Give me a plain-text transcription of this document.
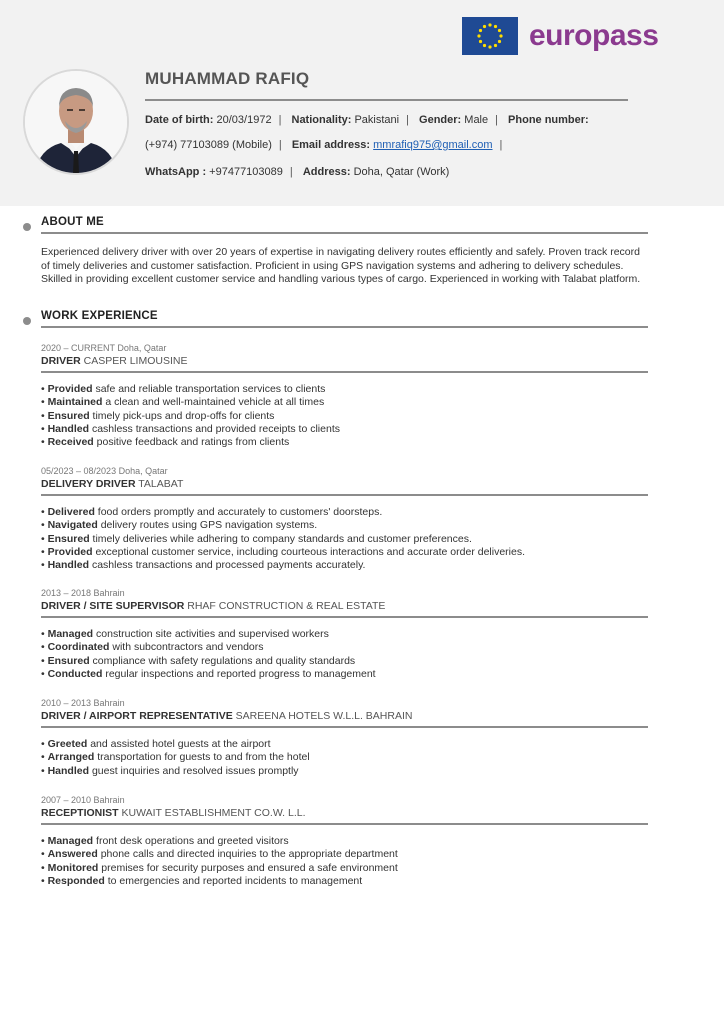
europass
MUHAMMAD RAFIQ
Date of birth: 20/03/1972 | Nationality: Pakistani | Gender: Male | Phone number:
(+974) 77103089 (Mobile) | Email address: mmrafiq975@gmail.com |
WhatsApp : +97477103089 | Address: Doha, Qatar (Work)
ABOUT ME

Experienced delivery driver with over 20 years of expertise in navigating delivery routes efficiently and safely. Proven track record of timely deliveries and customer satisfaction. Proficient in using GPS navigation systems and adhering to delivery schedules. Skilled in providing excellent customer service and handling various types of cargo. Experienced in working with Talabat platform.

WORK EXPERIENCE
2020 – CURRENT Doha, Qatar
DRIVER CASPER LIMOUSINE
• Provided safe and reliable transportation services to clients
• Maintained a clean and well-maintained vehicle at all times
• Ensured timely pick-ups and drop-offs for clients
• Handled cashless transactions and provided receipts to clients
• Received positive feedback and ratings from clients
05/2023 – 08/2023 Doha, Qatar
DELIVERY DRIVER TALABAT
• Delivered food orders promptly and accurately to customers' doorsteps.
• Navigated delivery routes using GPS navigation systems.
• Ensured timely deliveries while adhering to company standards and customer preferences.
• Provided exceptional customer service, including courteous interactions and accurate order deliveries.
• Handled cashless transactions and processed payments accurately.
2013 – 2018 Bahrain
DRIVER / SITE SUPERVISOR RHAF CONSTRUCTION & REAL ESTATE
• Managed construction site activities and supervised workers
• Coordinated with subcontractors and vendors
• Ensured compliance with safety regulations and quality standards
• Conducted regular inspections and reported progress to management
2010 – 2013 Bahrain
DRIVER / AIRPORT REPRESENTATIVE SAREENA HOTELS W.L.L. BAHRAIN
• Greeted and assisted hotel guests at the airport
• Arranged transportation for guests to and from the hotel
• Handled guest inquiries and resolved issues promptly
2007 – 2010 Bahrain
RECEPTIONIST KUWAIT ESTABLISHMENT CO.W. L.L.
• Managed front desk operations and greeted visitors
• Answered phone calls and directed inquiries to the appropriate department
• Monitored premises for security purposes and ensured a safe environment
• Responded to emergencies and reported incidents to management
